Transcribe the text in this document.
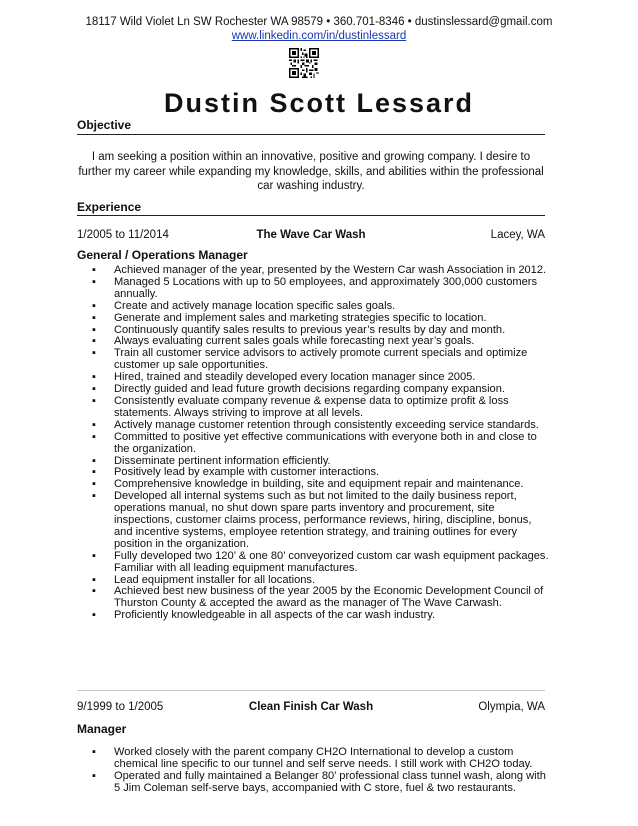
18117 Wild Violet Ln SW Rochester WA 98579 • 360.701-8346 • dustinslessard@gmail.com
www.linkedin.com/in/dustinlessard
Dustin Scott Lessard
Objective
I am seeking a position within an innovative, positive and growing company. I desire to further my career while expanding my knowledge, skills, and abilities within the professional car washing industry.
Experience
1/2005 to 11/2014	The Wave Car Wash	Lacey, WA
General / Operations Manager
▪ Achieved manager of the year, presented by the Western Car wash Association in 2012.
▪ Managed 5 Locations with up to 50 employees, and approximately 300,000 customers annually.
▪ Create and actively manage location specific sales goals.
▪ Generate and implement sales and marketing strategies specific to location.
▪ Continuously quantify sales results to previous year’s results by day and month.
▪ Always evaluating current sales goals while forecasting next year’s goals.
▪ Train all customer service advisors to actively promote current specials and optimize customer up sale opportunities.
▪ Hired, trained and steadily developed every location manager since 2005.
▪ Directly guided and lead future growth decisions regarding company expansion.
▪ Consistently evaluate company revenue & expense data to optimize profit & loss statements. Always striving to improve at all levels.
▪ Actively manage customer retention through consistently exceeding service standards.
▪ Committed to positive yet effective communications with everyone both in and close to the organization.
▪ Disseminate pertinent information efficiently.
▪ Positively lead by example with customer interactions.
▪ Comprehensive knowledge in building, site and equipment repair and maintenance.
▪ Developed all internal systems such as but not limited to the daily business report, operations manual, no shut down spare parts inventory and procurement, site inspections, customer claims process, performance reviews, hiring, discipline, bonus, and incentive systems, employee retention strategy, and training outlines for every position in the organization.
▪ Fully developed two 120’ & one 80’ conveyorized custom car wash equipment packages. Familiar with all leading equipment manufactures.
▪ Lead equipment installer for all locations.
▪ Achieved best new business of the year 2005 by the Economic Development Council of Thurston County & accepted the award as the manager of The Wave Carwash.
▪ Proficiently knowledgeable in all aspects of the car wash industry.
9/1999 to 1/2005	Clean Finish Car Wash	Olympia, WA
Manager
▪ Worked closely with the parent company CH2O International to develop a custom chemical line specific to our tunnel and self serve needs. I still work with CH2O today.
▪ Operated and fully maintained a Belanger 80’ professional class tunnel wash, along with 5 Jim Coleman self-serve bays, accompanied with C store, fuel & two restaurants.
